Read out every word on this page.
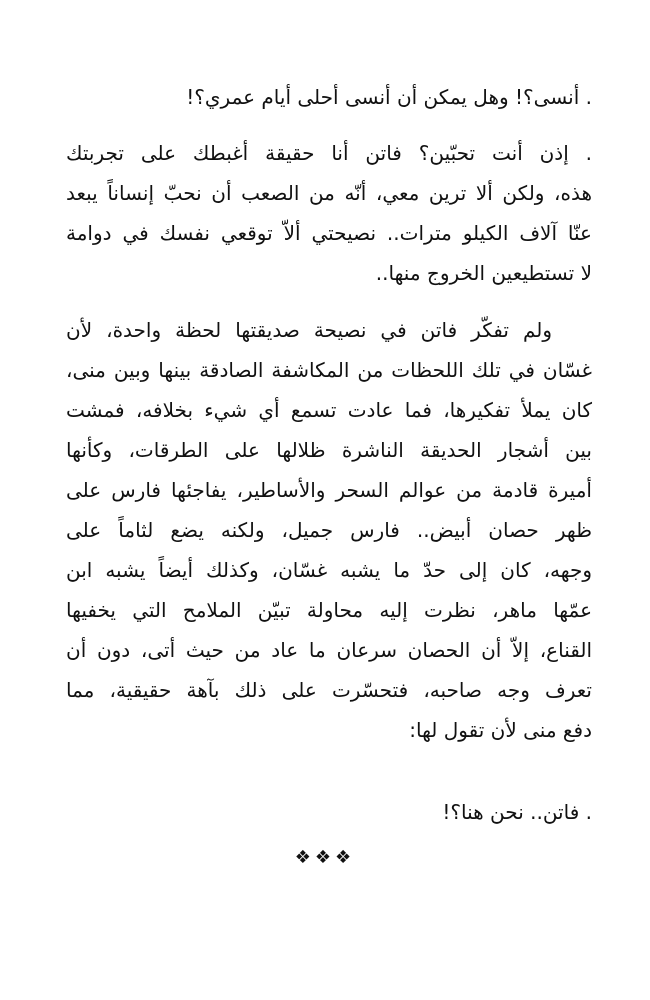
. أنسى؟! وهل يمكن أن أنسى أحلى أيام عمري؟!
. إذن أنت تحبّين؟ فاتن أنا حقيقة أغبطك على تجربتك
هذه، ولكن ألا ترين معي، أنّه من الصعب أن نحبّ إنساناً يبعد
عنّا آلاف الكيلو مترات.. نصيحتي ألاّ توقعي نفسك في دوامة
لا تستطيعين الخروج منها..
ولم تفكّر فاتن في نصيحة صديقتها لحظة واحدة، لأن
غسّان في تلك اللحظات من المكاشفة الصادقة بينها وبين منى،
كان يملأ تفكيرها، فما عادت تسمع أي شيء بخلافه، فمشت
بين أشجار الحديقة الناشرة ظلالها على الطرقات، وكأنها
أميرة قادمة من عوالم السحر والأساطير، يفاجئها فارس على
ظهر حصان أبيض.. فارس جميل، ولكنه يضع لثاماً على
وجهه، كان إلى حدّ ما يشبه غسّان، وكذلك أيضاً يشبه ابن
عمّها ماهر، نظرت إليه محاولة تبيّن الملامح التي يخفيها
القناع، إلاّ أن الحصان سرعان ما عاد من حيث أتى، دون أن
تعرف وجه صاحبه، فتحسّرت على ذلك بآهة حقيقية، مما
دفع منى لأن تقول لها:
. فاتن.. نحن هنا؟!
❖❖❖
